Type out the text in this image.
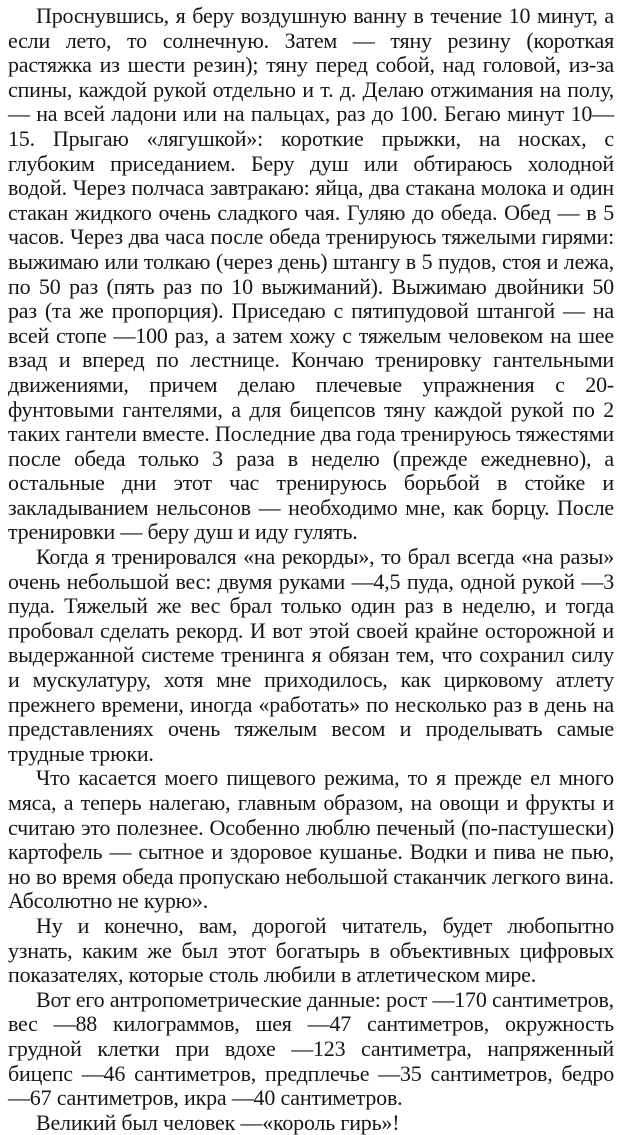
Проснувшись, я беру воздушную ванну в течение 10 минут, а если лето, то солнечную. Затем — тяну резину (короткая растяжка из шести резин); тяну перед собой, над головой, из-за спины, каждой рукой отдельно и т. д. Делаю отжимания на полу,— на всей ладони или на пальцах, раз до 100. Бегаю минут 10—15. Прыгаю «лягушкой»: короткие прыжки, на носках, с глубоким приседанием. Беру душ или обтираюсь холодной водой. Через полчаса завтракаю: яйца, два стакана молока и один стакан жидкого очень сладкого чая. Гуляю до обеда. Обед — в 5 часов. Через два часа после обеда тренируюсь тяжелыми гирями: выжимаю или толкаю (через день) штангу в 5 пудов, стоя и лежа, по 50 раз (пять раз по 10 выжиманий). Выжимаю двойники 50 раз (та же пропорция). Приседаю с пятипудовой штангой — на всей стопе —100 раз, а затем хожу с тяжелым человеком на шее взад и вперед по лестнице. Кончаю тренировку гантельными движениями, причем делаю плечевые упражнения с 20-фунтовыми гантелями, а для бицепсов тяну каждой рукой по 2 таких гантели вместе. Последние два года тренируюсь тяжестями после обеда только 3 раза в неделю (прежде ежедневно), а остальные дни этот час тренируюсь борьбой в стойке и закладыванием нельсонов — необходимо мне, как борцу. После тренировки — беру душ и иду гулять.

Когда я тренировался «на рекорды», то брал всегда «на разы» очень небольшой вес: двумя руками —4,5 пуда, одной рукой —3 пуда. Тяжелый же вес брал только один раз в неделю, и тогда пробовал сделать рекорд. И вот этой своей крайне осторожной и выдержанной системе тренинга я обязан тем, что сохранил силу и мускулатуру, хотя мне приходилось, как цирковому атлету прежнего времени, иногда «работать» по несколько раз в день на представлениях очень тяжелым весом и проделывать самые трудные трюки.

Что касается моего пищевого режима, то я прежде ел много мяса, а теперь налегаю, главным образом, на овощи и фрукты и считаю это полезнее. Особенно люблю печеный (по-пастушески) картофель — сытное и здоровое кушанье. Водки и пива не пью, но во время обеда пропускаю небольшой стаканчик легкого вина. Абсолютно не курю».

Ну и конечно, вам, дорогой читатель, будет любопытно узнать, каким же был этот богатырь в объективных цифровых показателях, которые столь любили в атлетическом мире.

Вот его антропометрические данные: рост —170 сантиметров, вес —88 килограммов, шея —47 сантиметров, окружность грудной клетки при вдохе —123 сантиметра, напряженный бицепс —46 сантиметров, предплечье —35 сантиметров, бедро —67 сантиметров, икра —40 сантиметров.

Великий был человек —«король гирь»!
